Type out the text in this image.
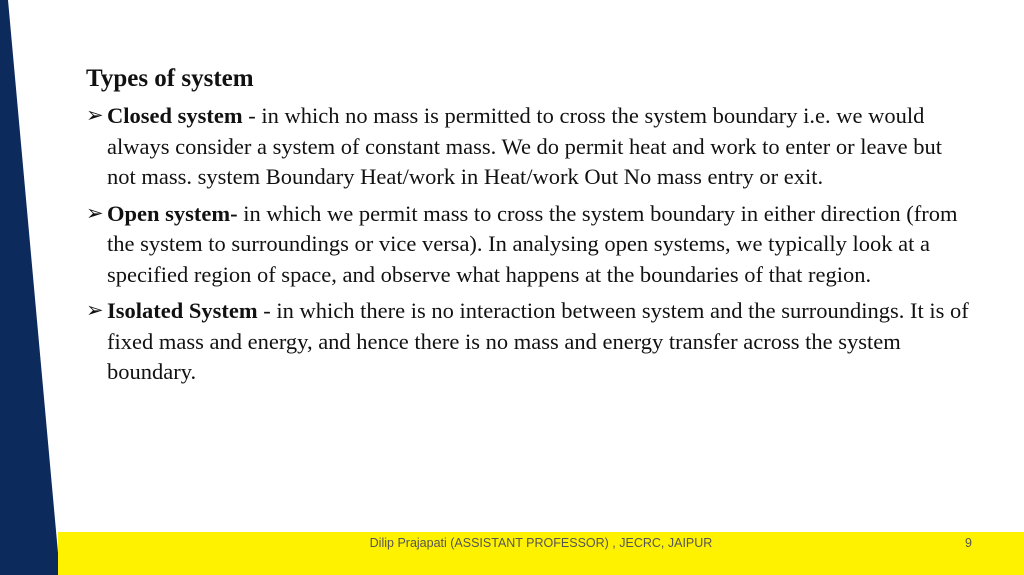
Types of system
➢ Closed system - in which no mass is permitted to cross the system boundary i.e. we would always consider a system of constant mass. We do permit heat and work to enter or leave but not mass. system Boundary Heat/work in Heat/work Out No mass entry or exit.
➢ Open system- in which we permit mass to cross the system boundary in either direction (from the system to surroundings or vice versa). In analysing open systems, we typically look at a specified region of space, and observe what happens at the boundaries of that region.
➢ Isolated System - in which there is no interaction between system and the surroundings. It is of fixed mass and energy, and hence there is no mass and energy transfer across the system boundary.
Dilip Prajapati (ASSISTANT PROFESSOR) , JECRC, JAIPUR	9
